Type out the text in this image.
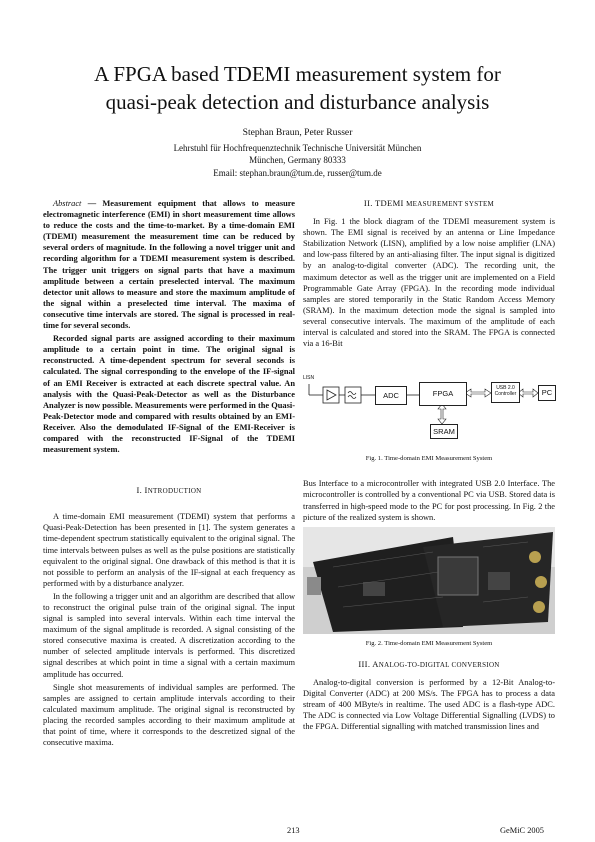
A FPGA based TDEMI measurement system for
quasi-peak detection and disturbance analysis
Stephan Braun, Peter Russer
Lehrstuhl für Hochfrequenztechnik Technische Universität München
München, Germany 80333
Email: stephan.braun@tum.de, russer@tum.de

Abstract — Measurement equipment that allows to measure electromagnetic interference (EMI) in short measurement time allows to reduce the costs and the time-to-market. By a time-domain EMI (TDEMI) measurement the measurement time can be reduced by several orders of magnitude. In the following a novel trigger unit and recording algorithm for a TDEMI measurement system is described. The trigger unit triggers on signal parts that have a maximum amplitude between a certain preselected interval. The maximum detector unit allows to measure and store the maximum amplitude of the signal within a preselected time interval. The maxima of consecutive time intervals are stored. The signal is processed in real-time for several seconds.

Recorded signal parts are assigned according to their maximum amplitude to a certain point in time. The original signal is reconstructed. A time-dependent spectrum for several seconds is calculated. The signal corresponding to the envelope of the IF-signal of an EMI Receiver is extracted at each discrete spectral value. An analysis with the Quasi-Peak-Detector as well as the Disturbance Analyzer is now possible. Measurements were performed in the Quasi-Peak-Detector mode and compared with results obtained by an EMI-Receiver. Also the demodulated IF-Signal of the EMI-Receiver is compared with the reconstructed IF-Signal of the TDEMI measurement system.

I. INTRODUCTION

A time-domain EMI measurement (TDEMI) system that performs a Quasi-Peak-Detection has been presented in [1]. The system generates a time-dependent spectrum statistically equivalent to the original signal. The time intervals between pulses as well as the pulse positions are statistically equivalent to the original signal. One drawback of this method is that it is not possible to perform an analysis of the IF-signal at each frequency as performed with by a disturbance analyzer.

In the following a trigger unit and an algorithm are described that allow to reconstruct the original pulse train of the original signal. The input signal is sampled into several intervals. Within each time interval the maximum of the signal amplitude is recorded. A signal consisting of the stored consecutive maxima is created. A discretization according to the number of selected amplitude intervals is performed. This discretized signal describes at which point in time a signal with a certain maximum amplitude has occurred.

Single shot measurements of individual samples are performed. The samples are assigned to certain amplitude intervals according to their calculated maximum amplitude. The original signal is reconstructed by placing the recorded samples according to their maximum amplitude at that point of time, where it corresponds to the descretized signal of the consecutive maxima.

II. TDEMI MEASUREMENT SYSTEM

In Fig. 1 the block diagram of the TDEMI measurement system is shown. The EMI signal is received by an antenna or Line Impedance Stabilization Network (LISN), amplified by a low noise amplifier (LNA) and low-pass filtered by an anti-aliasing filter. The input signal is digitized by an analog-to-digital converter (ADC). The recording unit, the maximum detector as well as the trigger unit are implemented on a Field Programmable Gate Array (FPGA). In the recording mode individual samples are stored temporarily in the Static Random Access Memory (SRAM). In the maximum detection mode the signal is sampled into several consecutive intervals. The maximum of the amplitude of each interval is calculated and stored into the SRAM. The FPGA is connected via a 16-Bit

LISN
ADC	FPGA
USB 2.0
Controller	PC
SRAM
Fig. 1. Time-domain EMI Measurement System

Bus Interface to a microcontroller with integrated USB 2.0 Interface. The microcontroller is controlled by a conventional PC via USB. Stored data is transferred in high-speed mode to the PC for post processing. In Fig. 2 the picture of the realized system is shown.

Fig. 2. Time-domain EMI Measurement System
III. ANALOG-TO-DIGITAL CONVERSION

Analog-to-digital conversion is performed by a 12-Bit Analog-to-Digital Converter (ADC) at 200 MS/s. The FPGA has to process a data stream of 400 MByte/s in realtime. The used ADC is a flash-type ADC. The ADC is connected via Low Voltage Differential Signalling (LVDS) to the FPGA. Differential signalling with matched transmission lines and

213	GeMiC 2005
